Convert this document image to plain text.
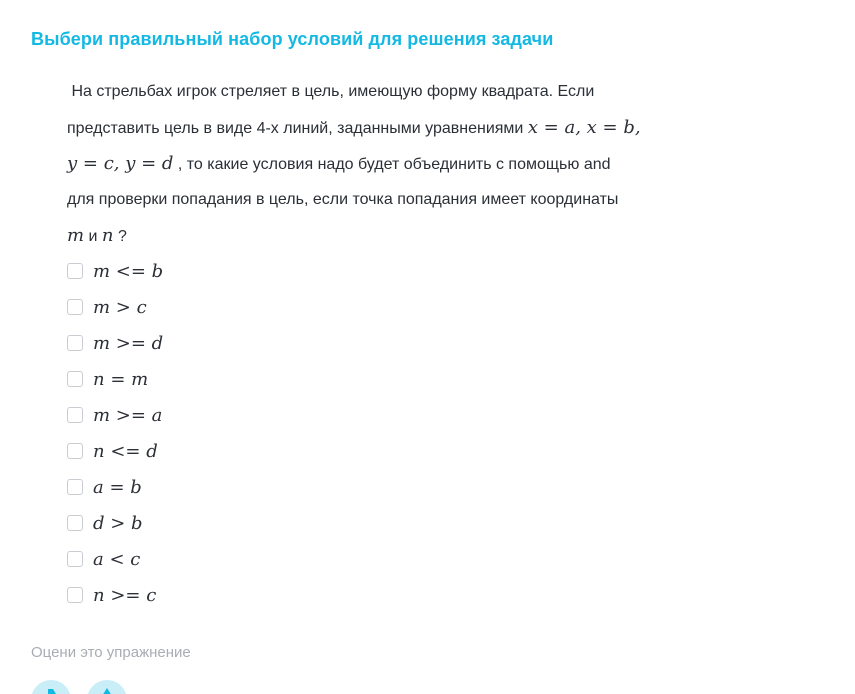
Выбери правильный набор условий для решения задачи
На стрельбах игрок стреляет в цель, имеющую форму квадрата. Если
представить цель в виде 4-х линий, заданными уравнениями x = a, x = b,
y = c, y = d , то какие условия надо будет объединить с помощью and
для проверки попадания в цель, если точка попадания имеет координаты
m и n ?
m <= b
m > c
m >= d
n = m
m >= a
n <= d
a = b
d > b
a < c
n >= c
Оцени это упражнение
